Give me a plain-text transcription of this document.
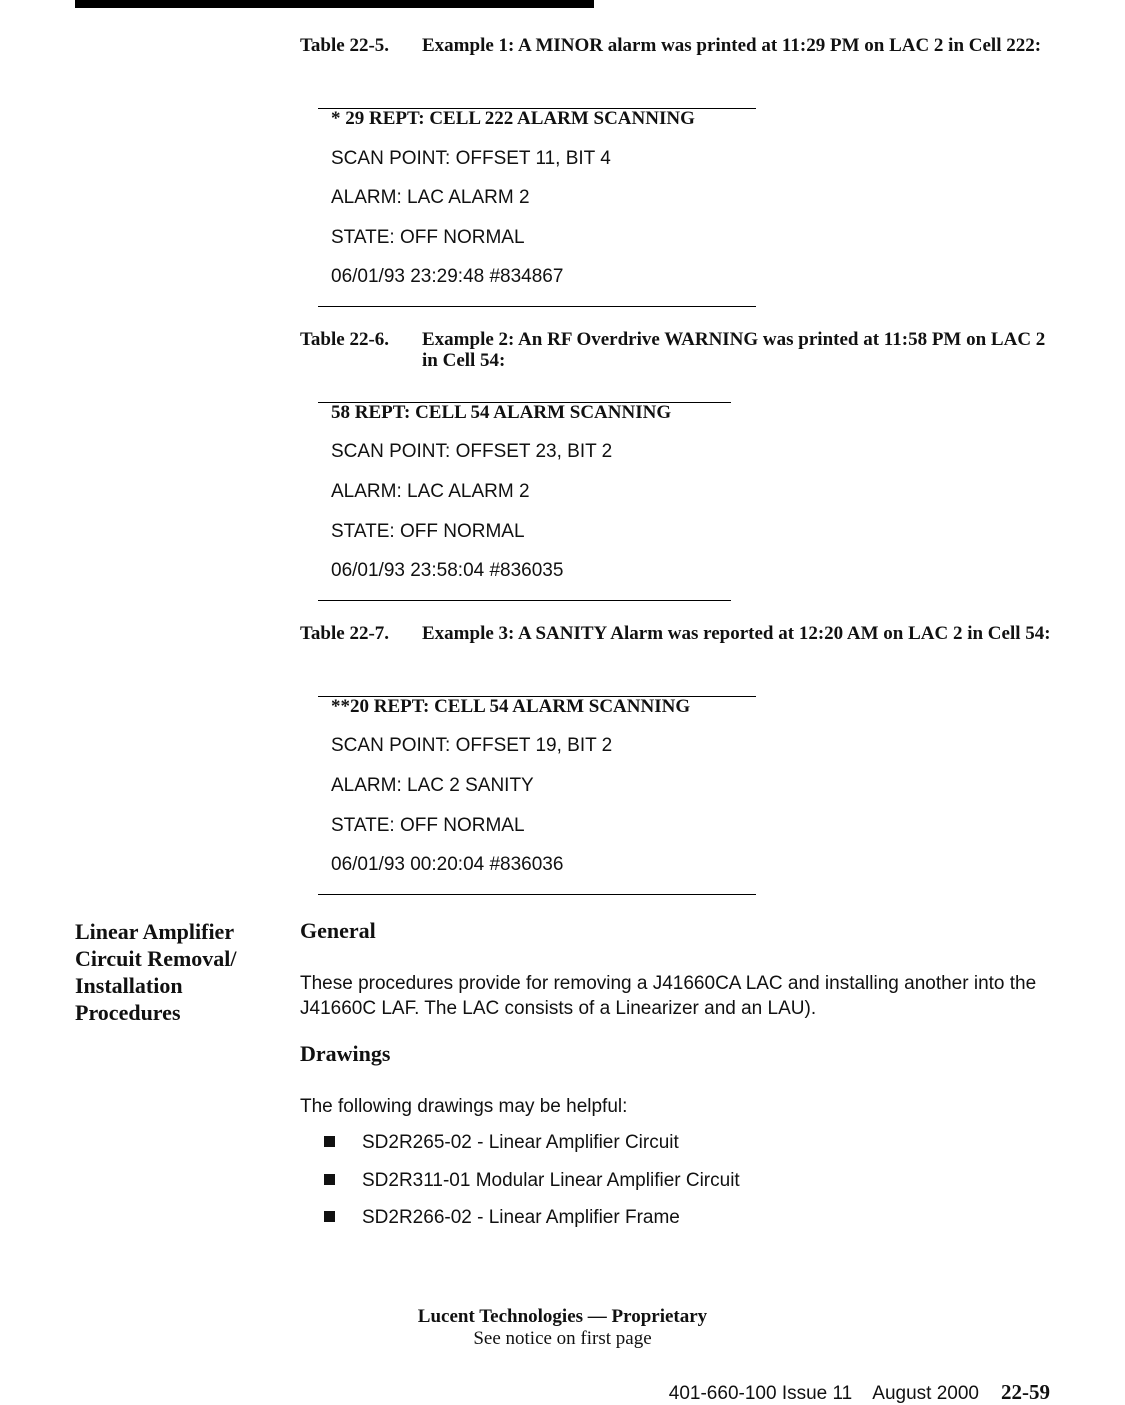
Table 22-5.	Example 1: A MINOR alarm was printed at 11:29 PM on LAC 2 in Cell 222:
* 29 REPT: CELL 222 ALARM SCANNING
SCAN POINT: OFFSET 11, BIT 4
ALARM: LAC ALARM 2
STATE: OFF NORMAL
06/01/93 23:29:48 #834867
Table 22-6.	Example 2: An RF Overdrive WARNING was printed at 11:58 PM on LAC 2 in Cell 54:
58 REPT: CELL 54 ALARM SCANNING
SCAN POINT: OFFSET 23, BIT 2
ALARM: LAC ALARM 2
STATE: OFF NORMAL
06/01/93 23:58:04 #836035
Table 22-7.	Example 3: A SANITY Alarm was reported at 12:20 AM on LAC 2 in Cell 54:
**20 REPT: CELL 54 ALARM SCANNING
SCAN POINT: OFFSET 19, BIT 2
ALARM: LAC 2 SANITY
STATE: OFF NORMAL
06/01/93 00:20:04 #836036
Linear Amplifier Circuit Removal/ Installation Procedures
General
These procedures provide for removing a J41660CA LAC and installing another into the J41660C LAF. The LAC consists of a Linearizer and an LAU).
Drawings
The following drawings may be helpful:
SD2R265-02 - Linear Amplifier Circuit
SD2R311-01 Modular Linear Amplifier Circuit
SD2R266-02 - Linear Amplifier Frame
Lucent Technologies — Proprietary
See notice on first page
401-660-100 Issue 11    August 2000 22-59
